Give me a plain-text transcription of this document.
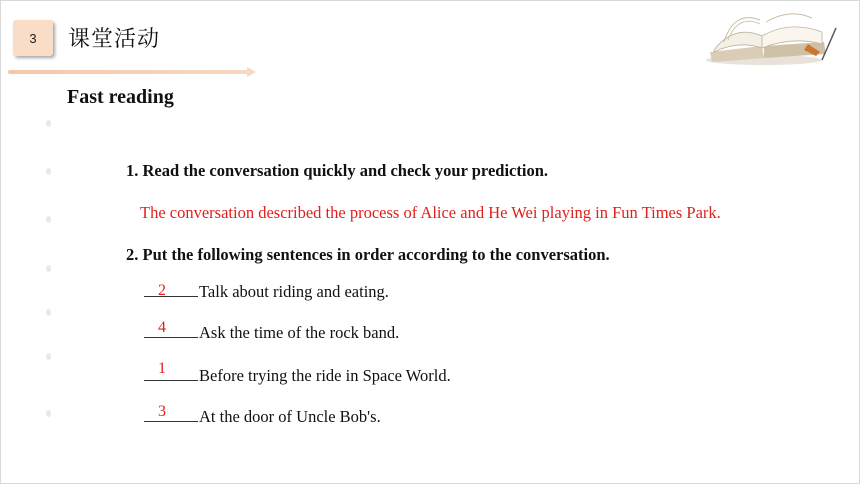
3 课堂活动
Fast reading
1. Read the conversation quickly and check your prediction.
The conversation described the process of Alice and He Wei playing in Fun Times Park.
2. Put the following sentences in order according to the conversation.
2	Talk about riding and eating.
4	Ask the time of the rock band.
1	Before trying the ride in Space World.
3	At the door of Uncle Bob's.
